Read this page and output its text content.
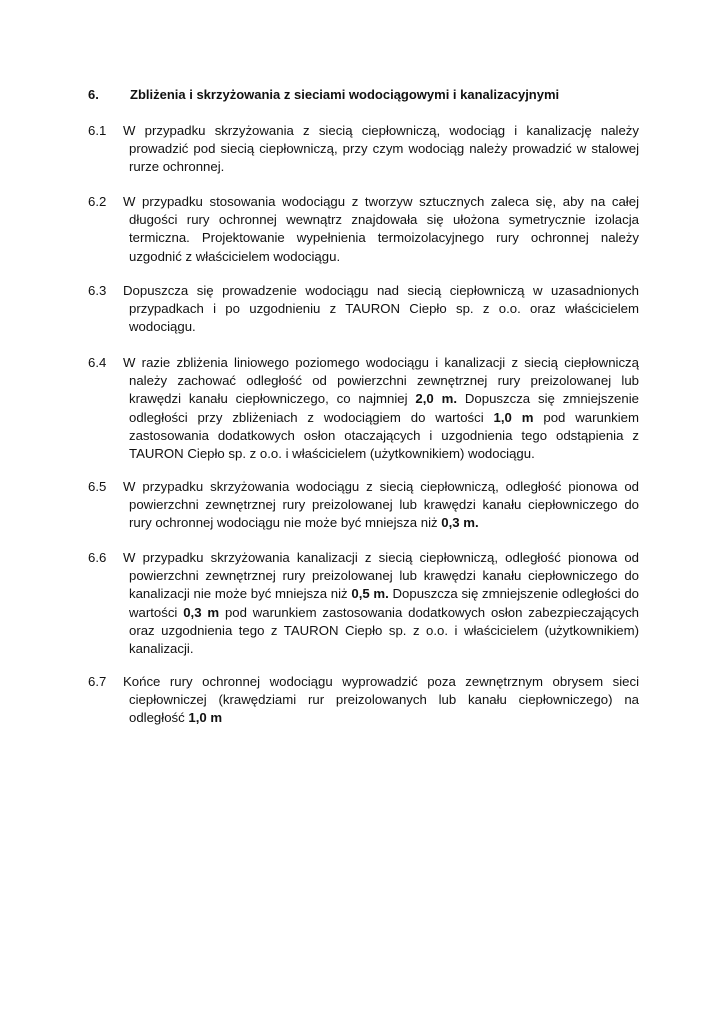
6. Zbliżenia i skrzyżowania z sieciami wodociągowymi i kanalizacyjnymi
6.1	W przypadku skrzyżowania z siecią ciepłowniczą, wodociąg i kanalizację należy prowadzić pod siecią ciepłowniczą, przy czym wodociąg należy prowadzić w stalowej rurze ochronnej.
6.2	W przypadku stosowania wodociągu z tworzyw sztucznych zaleca się, aby na całej długości rury ochronnej wewnątrz znajdowała się ułożona symetrycznie izolacja termiczna. Projektowanie wypełnienia termoizolacyjnego rury ochronnej należy uzgodnić z właścicielem wodociągu.
6.3	Dopuszcza się prowadzenie wodociągu nad siecią ciepłowniczą w uzasadnionych przypadkach i po uzgodnieniu z TAURON Ciepło sp. z o.o. oraz właścicielem wodociągu.
6.4	W razie zbliżenia liniowego poziomego wodociągu i kanalizacji z siecią ciepłowniczą należy zachować odległość od powierzchni zewnętrznej rury preizolowanej lub krawędzi kanału ciepłowniczego, co najmniej 2,0 m. Dopuszcza się zmniejszenie odległości przy zbliżeniach z wodociągiem do wartości 1,0 m pod warunkiem zastosowania dodatkowych osłon otaczających i uzgodnienia tego odstąpienia z TAURON Ciepło sp. z o.o. i właścicielem (użytkownikiem) wodociągu.
6.5	W przypadku skrzyżowania wodociągu z siecią ciepłowniczą, odległość pionowa od powierzchni zewnętrznej rury preizolowanej lub krawędzi kanału ciepłowniczego do rury ochronnej wodociągu nie może być mniejsza niż 0,3 m.
6.6	W przypadku skrzyżowania kanalizacji z siecią ciepłowniczą, odległość pionowa od powierzchni zewnętrznej rury preizolowanej lub krawędzi kanału ciepłowniczego do kanalizacji nie może być mniejsza niż 0,5 m. Dopuszcza się zmniejszenie odległości do wartości 0,3 m pod warunkiem zastosowania dodatkowych osłon zabezpieczających oraz uzgodnienia tego z TAURON Ciepło sp. z o.o. i właścicielem (użytkownikiem) kanalizacji.
6.7	Końce rury ochronnej wodociągu wyprowadzić poza zewnętrznym obrysem sieci ciepłowniczej (krawędziami rur preizolowanych lub kanału ciepłowniczego) na odległość 1,0 m
